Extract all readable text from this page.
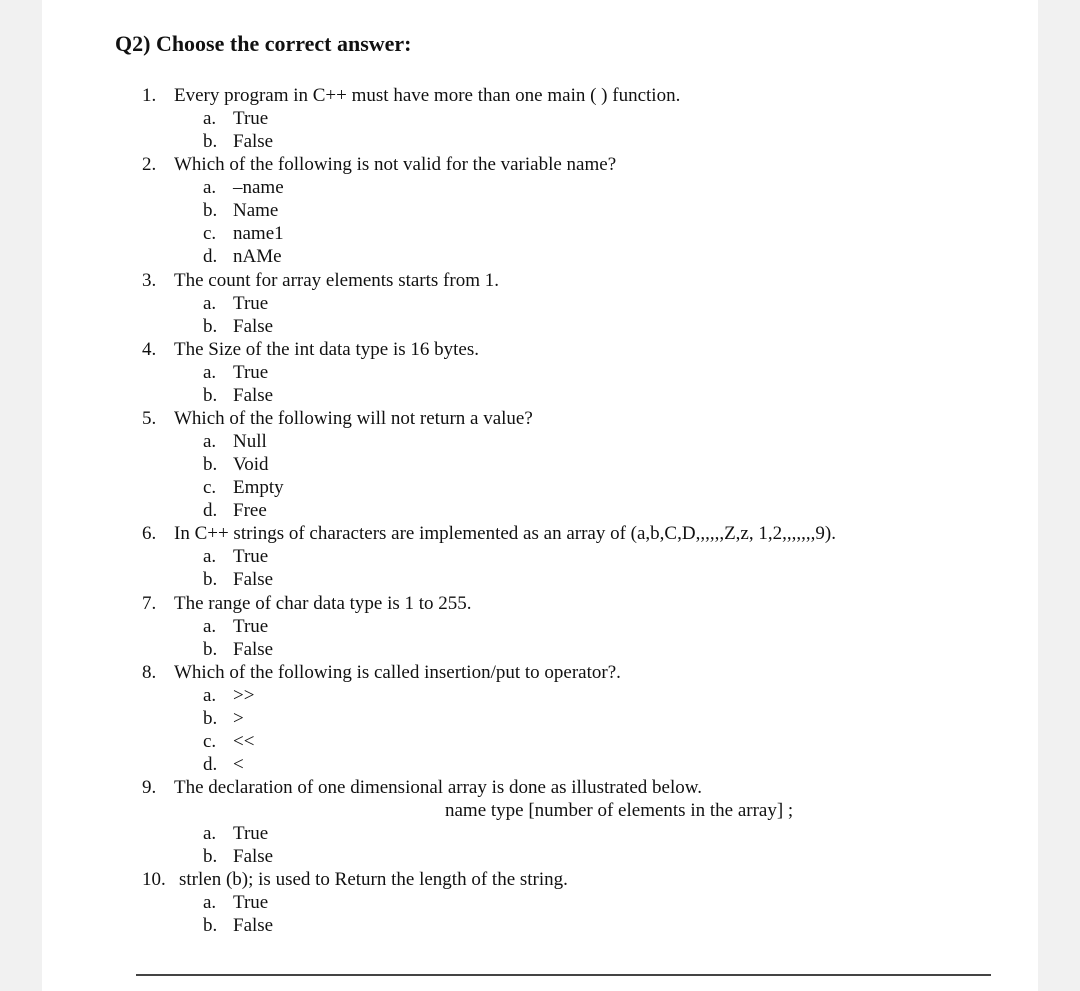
Q2) Choose the correct answer:
1. Every program in C++ must have more than one main ( ) function.
a. True
b. False
2. Which of the following is not valid for the variable name?
a. –name
b. Name
c. name1
d. nAMe
3. The count for array elements starts from 1.
a. True
b. False
4. The Size of the int data type is 16 bytes.
a. True
b. False
5. Which of the following will not return a value?
a. Null
b. Void
c. Empty
d. Free
6. In C++ strings of characters are implemented as an array of (a,b,C,D,,,,,,Z,z, 1,2,,,,,,,9).
a. True
b. False
7. The range of char data type is 1 to 255.
a. True
b. False
8. Which of the following is called insertion/put to operator?.
a. >>
b. >
c. <<
d. <
9. The declaration of one dimensional array is done as illustrated below.
name type [number of elements in the array] ;
a. True
b. False
10. strlen (b); is used to Return the length of the string.
a. True
b. False
